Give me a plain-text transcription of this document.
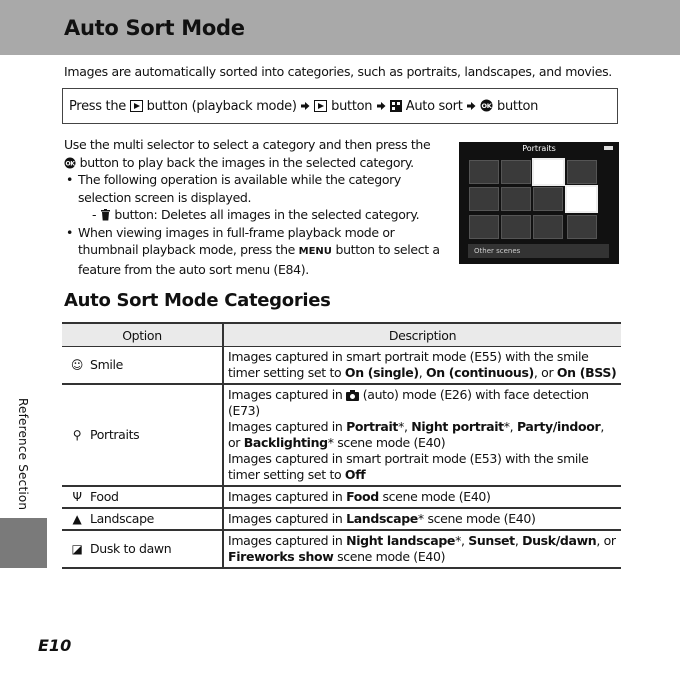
Auto Sort Mode
Images are automatically sorted into categories, such as portraits, landscapes, and movies.
Press the  button (playback mode)   button   Auto sort OK button

Use the multi selector to select a category and then press the
OK button to play back the images in the selected category.

• The following operation is available while the category selection screen is displayed.
-  button: Deletes all images in the selected category.
• When viewing images in full-frame playback mode or thumbnail playback mode, press the MENU button to select a feature from the auto sort menu (E84).
Portraits
Other scenes
Auto Sort Mode Categories
Option	Description
☺ Smile	Images captured in smart portrait mode (E55) with the smile timer setting set to On (single), On (continuous), or On (BSS)
⚲ Portraits	Images captured in  (auto) mode (E26) with face detection (E73)
Images captured in Portrait*, Night portrait*, Party/indoor, or Backlighting* scene mode (E40)
Images captured in smart portrait mode (E53) with the smile timer setting set to Off

Ψ Food	Images captured in Food scene mode (E40)
▲ Landscape	Images captured in Landscape* scene mode (E40)
◪ Dusk to dawn	Images captured in Night landscape*, Sunset, Dusk/dawn, or Fireworks show scene mode (E40)
Reference Section
E10
